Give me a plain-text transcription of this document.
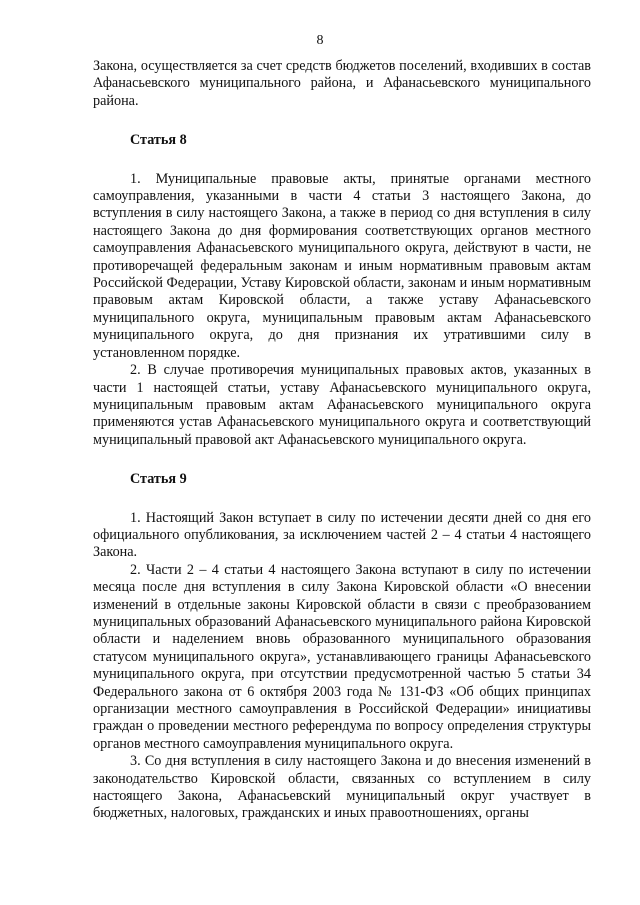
8

Закона, осуществляется за счет средств бюджетов поселений, входивших в состав Афанасьевского муниципального района, и Афанасьевского муниципального района.

Статья 8

1. Муниципальные правовые акты, принятые органами местного самоуправления, указанными в части 4 статьи 3 настоящего Закона, до вступления в силу настоящего Закона, а также в период со дня вступления в силу настоящего Закона до дня формирования соответствующих органов местного самоуправления Афанасьевского муниципального округа, действуют в части, не противоречащей федеральным законам и иным нормативным правовым актам Российской Федерации, Уставу Кировской области, законам и иным нормативным правовым актам Кировской области, а также уставу Афанасьевского муниципального округа, муниципальным правовым актам Афанасьевского муниципального округа, до дня признания их утратившими силу в установленном порядке.

2. В случае противоречия муниципальных правовых актов, указанных в части 1 настоящей статьи, уставу Афанасьевского муниципального округа, муниципальным правовым актам Афанасьевского муниципального округа применяются устав Афанасьевского муниципального округа и соответствующий муниципальный правовой акт Афанасьевского муниципального округа.

Статья 9

1. Настоящий Закон вступает в силу по истечении десяти дней со дня его официального опубликования, за исключением частей 2 – 4 статьи 4 настоящего Закона.

2. Части 2 – 4 статьи 4 настоящего Закона вступают в силу по истечении месяца после дня вступления в силу Закона Кировской области «О внесении изменений в отдельные законы Кировской области в связи с преобразованием муниципальных образований Афанасьевского муниципального района Кировской области и наделением вновь образованного муниципального образования статусом муниципального округа», устанавливающего границы Афанасьевского муниципального округа, при отсутствии предусмотренной частью 5 статьи 34 Федерального закона от 6 октября 2003 года № 131-ФЗ «Об общих принципах организации местного самоуправления в Российской Федерации» инициативы граждан о проведении местного референдума по вопросу определения структуры органов местного самоуправления муниципального округа.

3. Со дня вступления в силу настоящего Закона и до внесения изменений в законодательство Кировской области, связанных со вступлением в силу настоящего Закона, Афанасьевский муниципальный округ участвует в бюджетных, налоговых, гражданских и иных правоотношениях, органы
